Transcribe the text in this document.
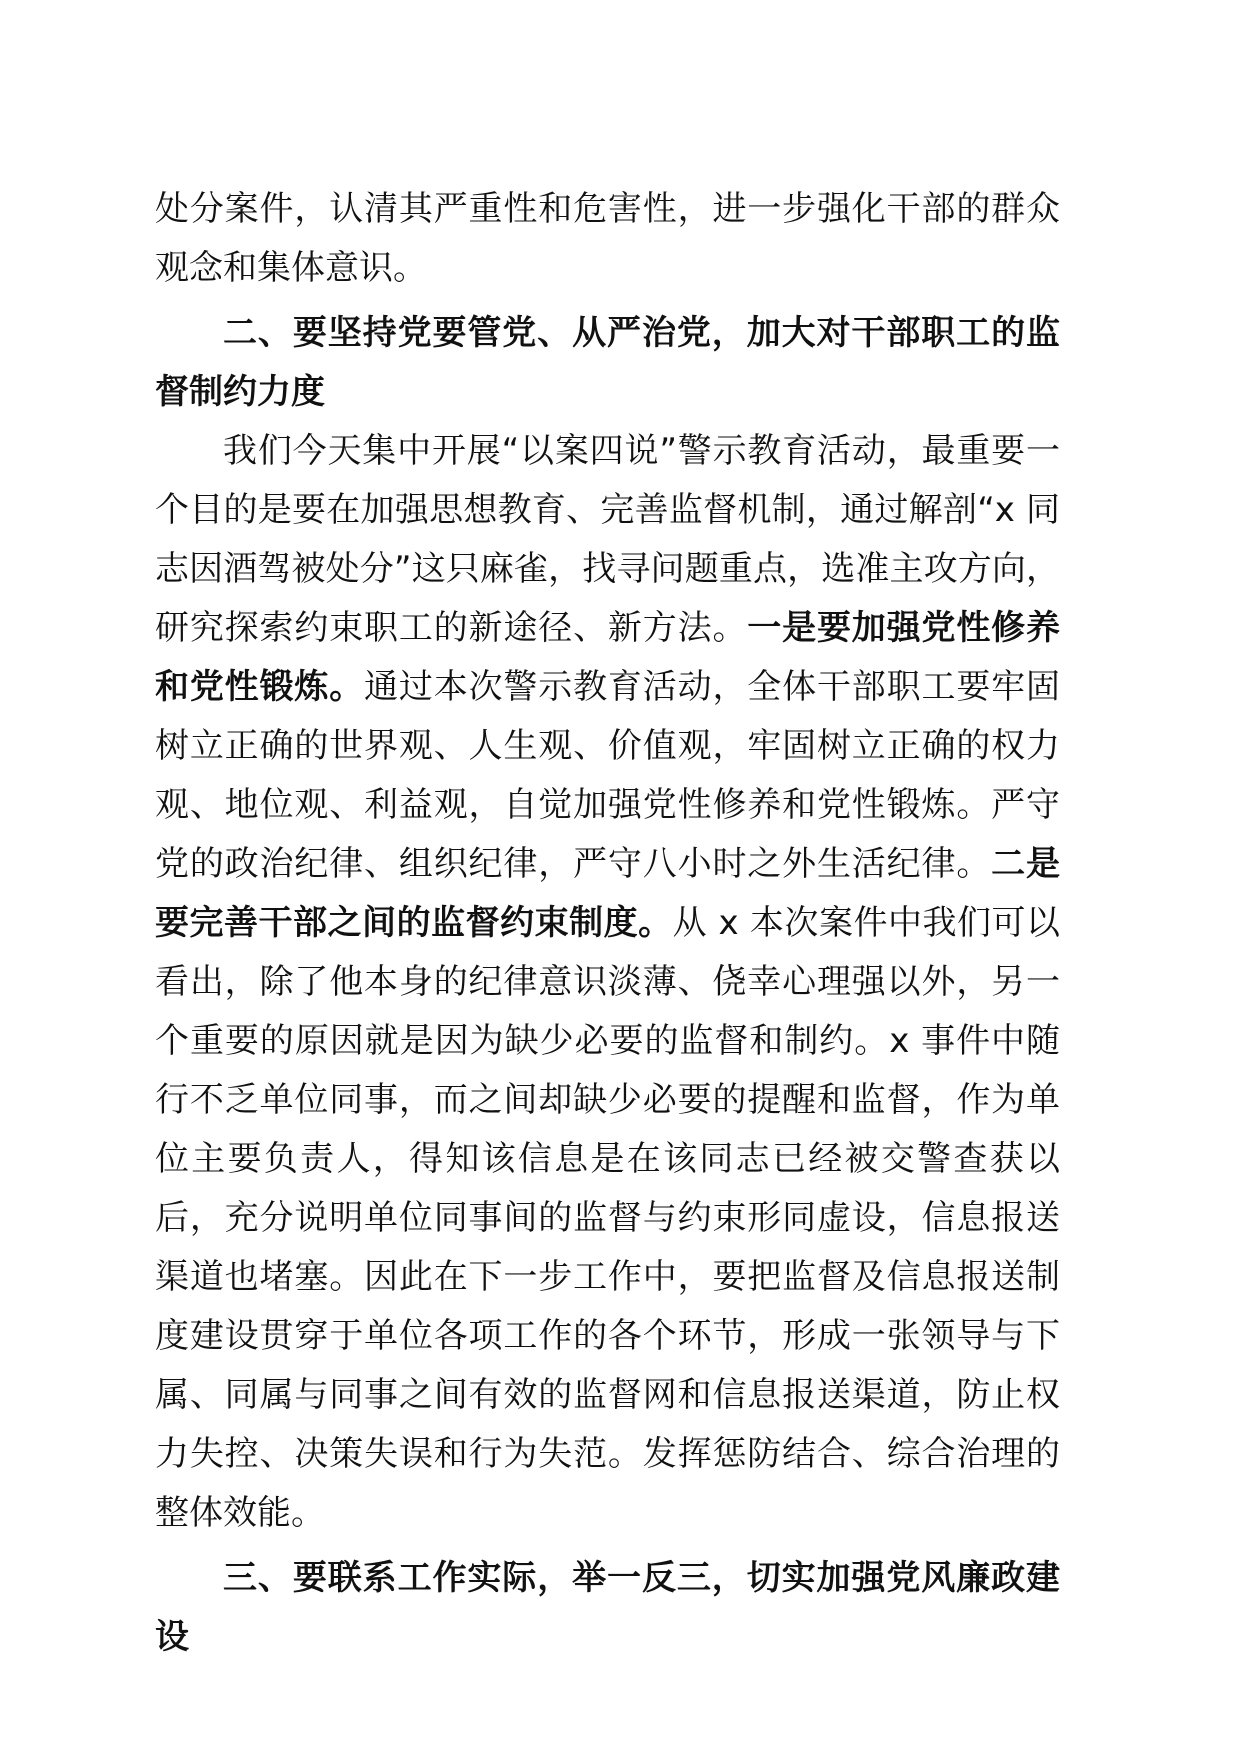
处分案件，认清其严重性和危害性，进一步强化干部的群众观念和集体意识。

二、要坚持党要管党、从严治党，加大对干部职工的监督制约力度

我们今天集中开展“以案四说”警示教育活动，最重要一个目的是要在加强思想教育、完善监督机制，通过解剖“x 同志因酒驾被处分”这只麻雀，找寻问题重点，选准主攻方向，研究探索约束职工的新途径、新方法。一是要加强党性修养和党性锻炼。通过本次警示教育活动，全体干部职工要牢固树立正确的世界观、人生观、价值观，牢固树立正确的权力观、地位观、利益观，自觉加强党性修养和党性锻炼。严守党的政治纪律、组织纪律，严守八小时之外生活纪律。二是要完善干部之间的监督约束制度。从 x 本次案件中我们可以看出，除了他本身的纪律意识淡薄、侥幸心理强以外，另一个重要的原因就是因为缺少必要的监督和制约。x 事件中随行不乏单位同事，而之间却缺少必要的提醒和监督，作为单位主要负责人，得知该信息是在该同志已经被交警查获以后，充分说明单位同事间的监督与约束形同虚设，信息报送渠道也堵塞。因此在下一步工作中，要把监督及信息报送制度建设贯穿于单位各项工作的各个环节，形成一张领导与下属、同属与同事之间有效的监督网和信息报送渠道，防止权力失控、决策失误和行为失范。发挥惩防结合、综合治理的整体效能。

三、要联系工作实际，举一反三，切实加强党风廉政建设
